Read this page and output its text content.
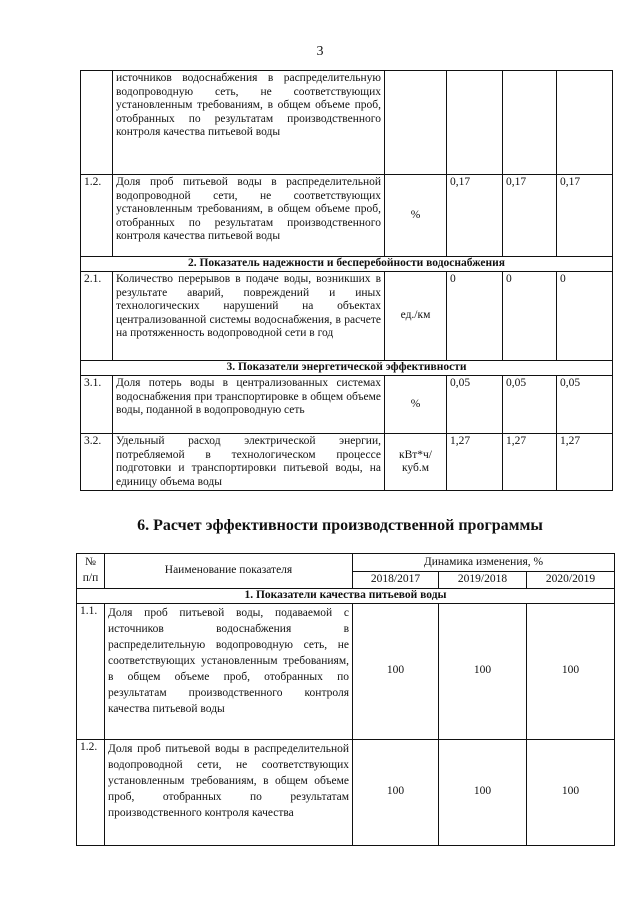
3
	источников водоснабжения в распределительную водопроводную сеть, не соответствующих установленным требованиям, в общем объеме проб, отобранных по результатам производственного контроля качества питьевой воды				
1.2.	Доля проб питьевой воды в распределительной водопроводной сети, не соответствующих установленным требованиям, в общем объеме проб, отобранных по результатам производственного контроля качества питьевой воды	%	0,17	0,17	0,17
2. Показатель надежности и бесперебойности водоснабжения					
2.1.	Количество перерывов в подаче воды, возникших в результате аварий, повреждений и иных технологических нарушений на объектах централизованной системы водоснабжения, в расчете на протяженность водопроводной сети в год	ед./км	0	0	0
3. Показатели энергетической эффективности					
3.1.	Доля потерь воды в централизованных системах водоснабжения при транспортировке в общем объеме воды, поданной в водопроводную сеть	%	0,05	0,05	0,05
3.2.	Удельный расход электрической энергии, потребляемой в технологическом процессе подготовки и транспортировки питьевой воды, на единицу объема воды	кВт*ч/ куб.м	1,27	1,27	1,27
6. Расчет эффективности производственной программы
№
п/п	Наименование показателя	Динамика изменения, %		
		2018/2017	2019/2018	2020/2019
1. Показатели качества питьевой воды				
1.1.	Доля проб питьевой воды, подаваемой с источников водоснабжения в распределительную водопроводную сеть, не соответствующих установленным требованиям, в общем объеме проб, отобранных по результатам производственного контроля качества питьевой воды	100	100	100
1.2.	Доля проб питьевой воды в распределительной водопроводной сети, не соответствующих установленным требованиям, в общем объеме проб, отобранных по результатам производственного контроля качества	100	100	100
